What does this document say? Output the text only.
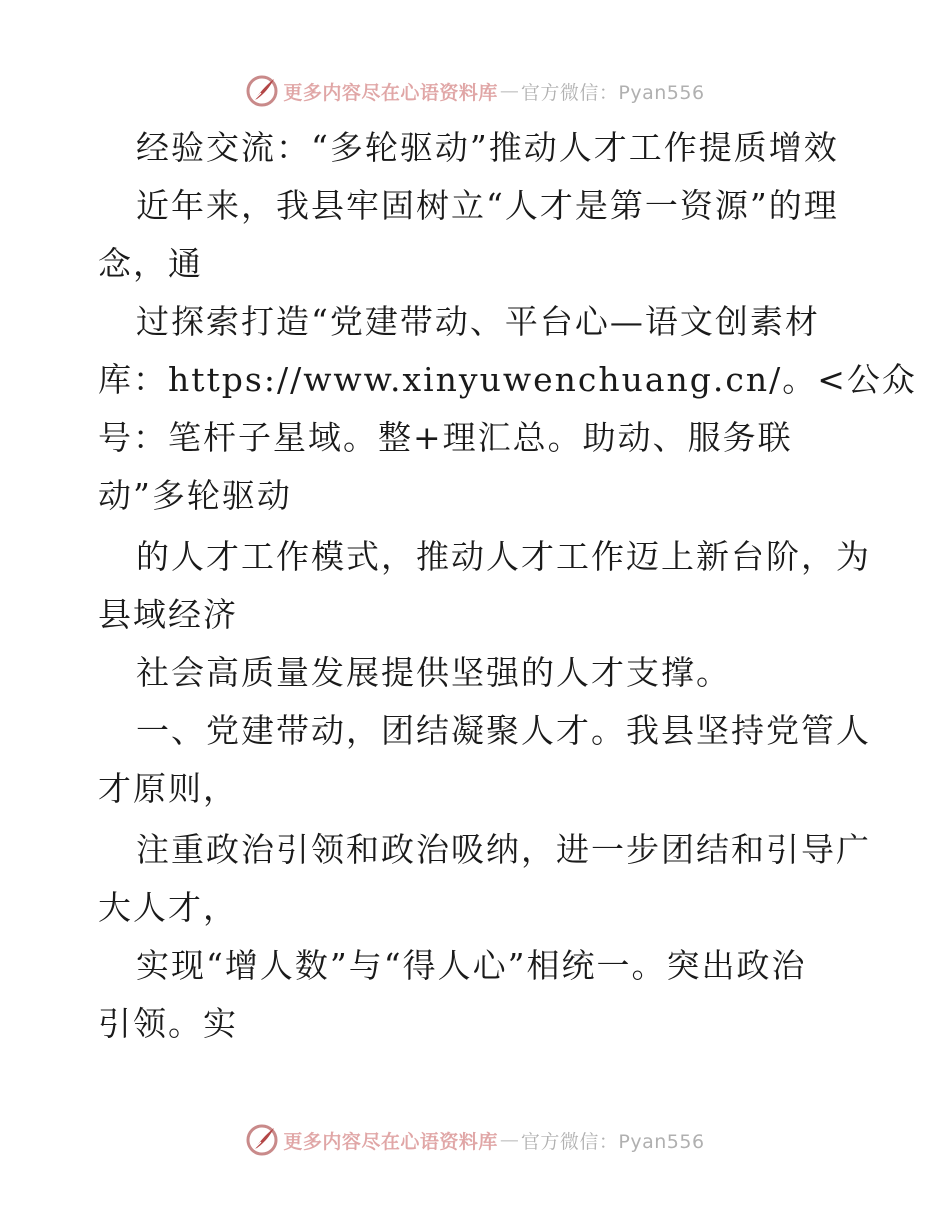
更多内容尽在心语资料库 — 官方微信：Pyan556
经验交流：“多轮驱动”推动人才工作提质增效
近年来，我县牢固树立“人才是第一资源”的理
念，通
过探索打造“党建带动、平台心—语文创素材
库：https://www.xinyuwenchuang.cn/。<公众
号：笔杆子星域。整+理汇总。助动、服务联
动”多轮驱动
的人才工作模式，推动人才工作迈上新台阶，为
县域经济
社会高质量发展提供坚强的人才支撑。
一、党建带动，团结凝聚人才。我县坚持党管人
才原则，
注重政治引领和政治吸纳，进一步团结和引导广
大人才，
实现“增人数”与“得人心”相统一。突出政治
引领。实
更多内容尽在心语资料库 — 官方微信：Pyan556
